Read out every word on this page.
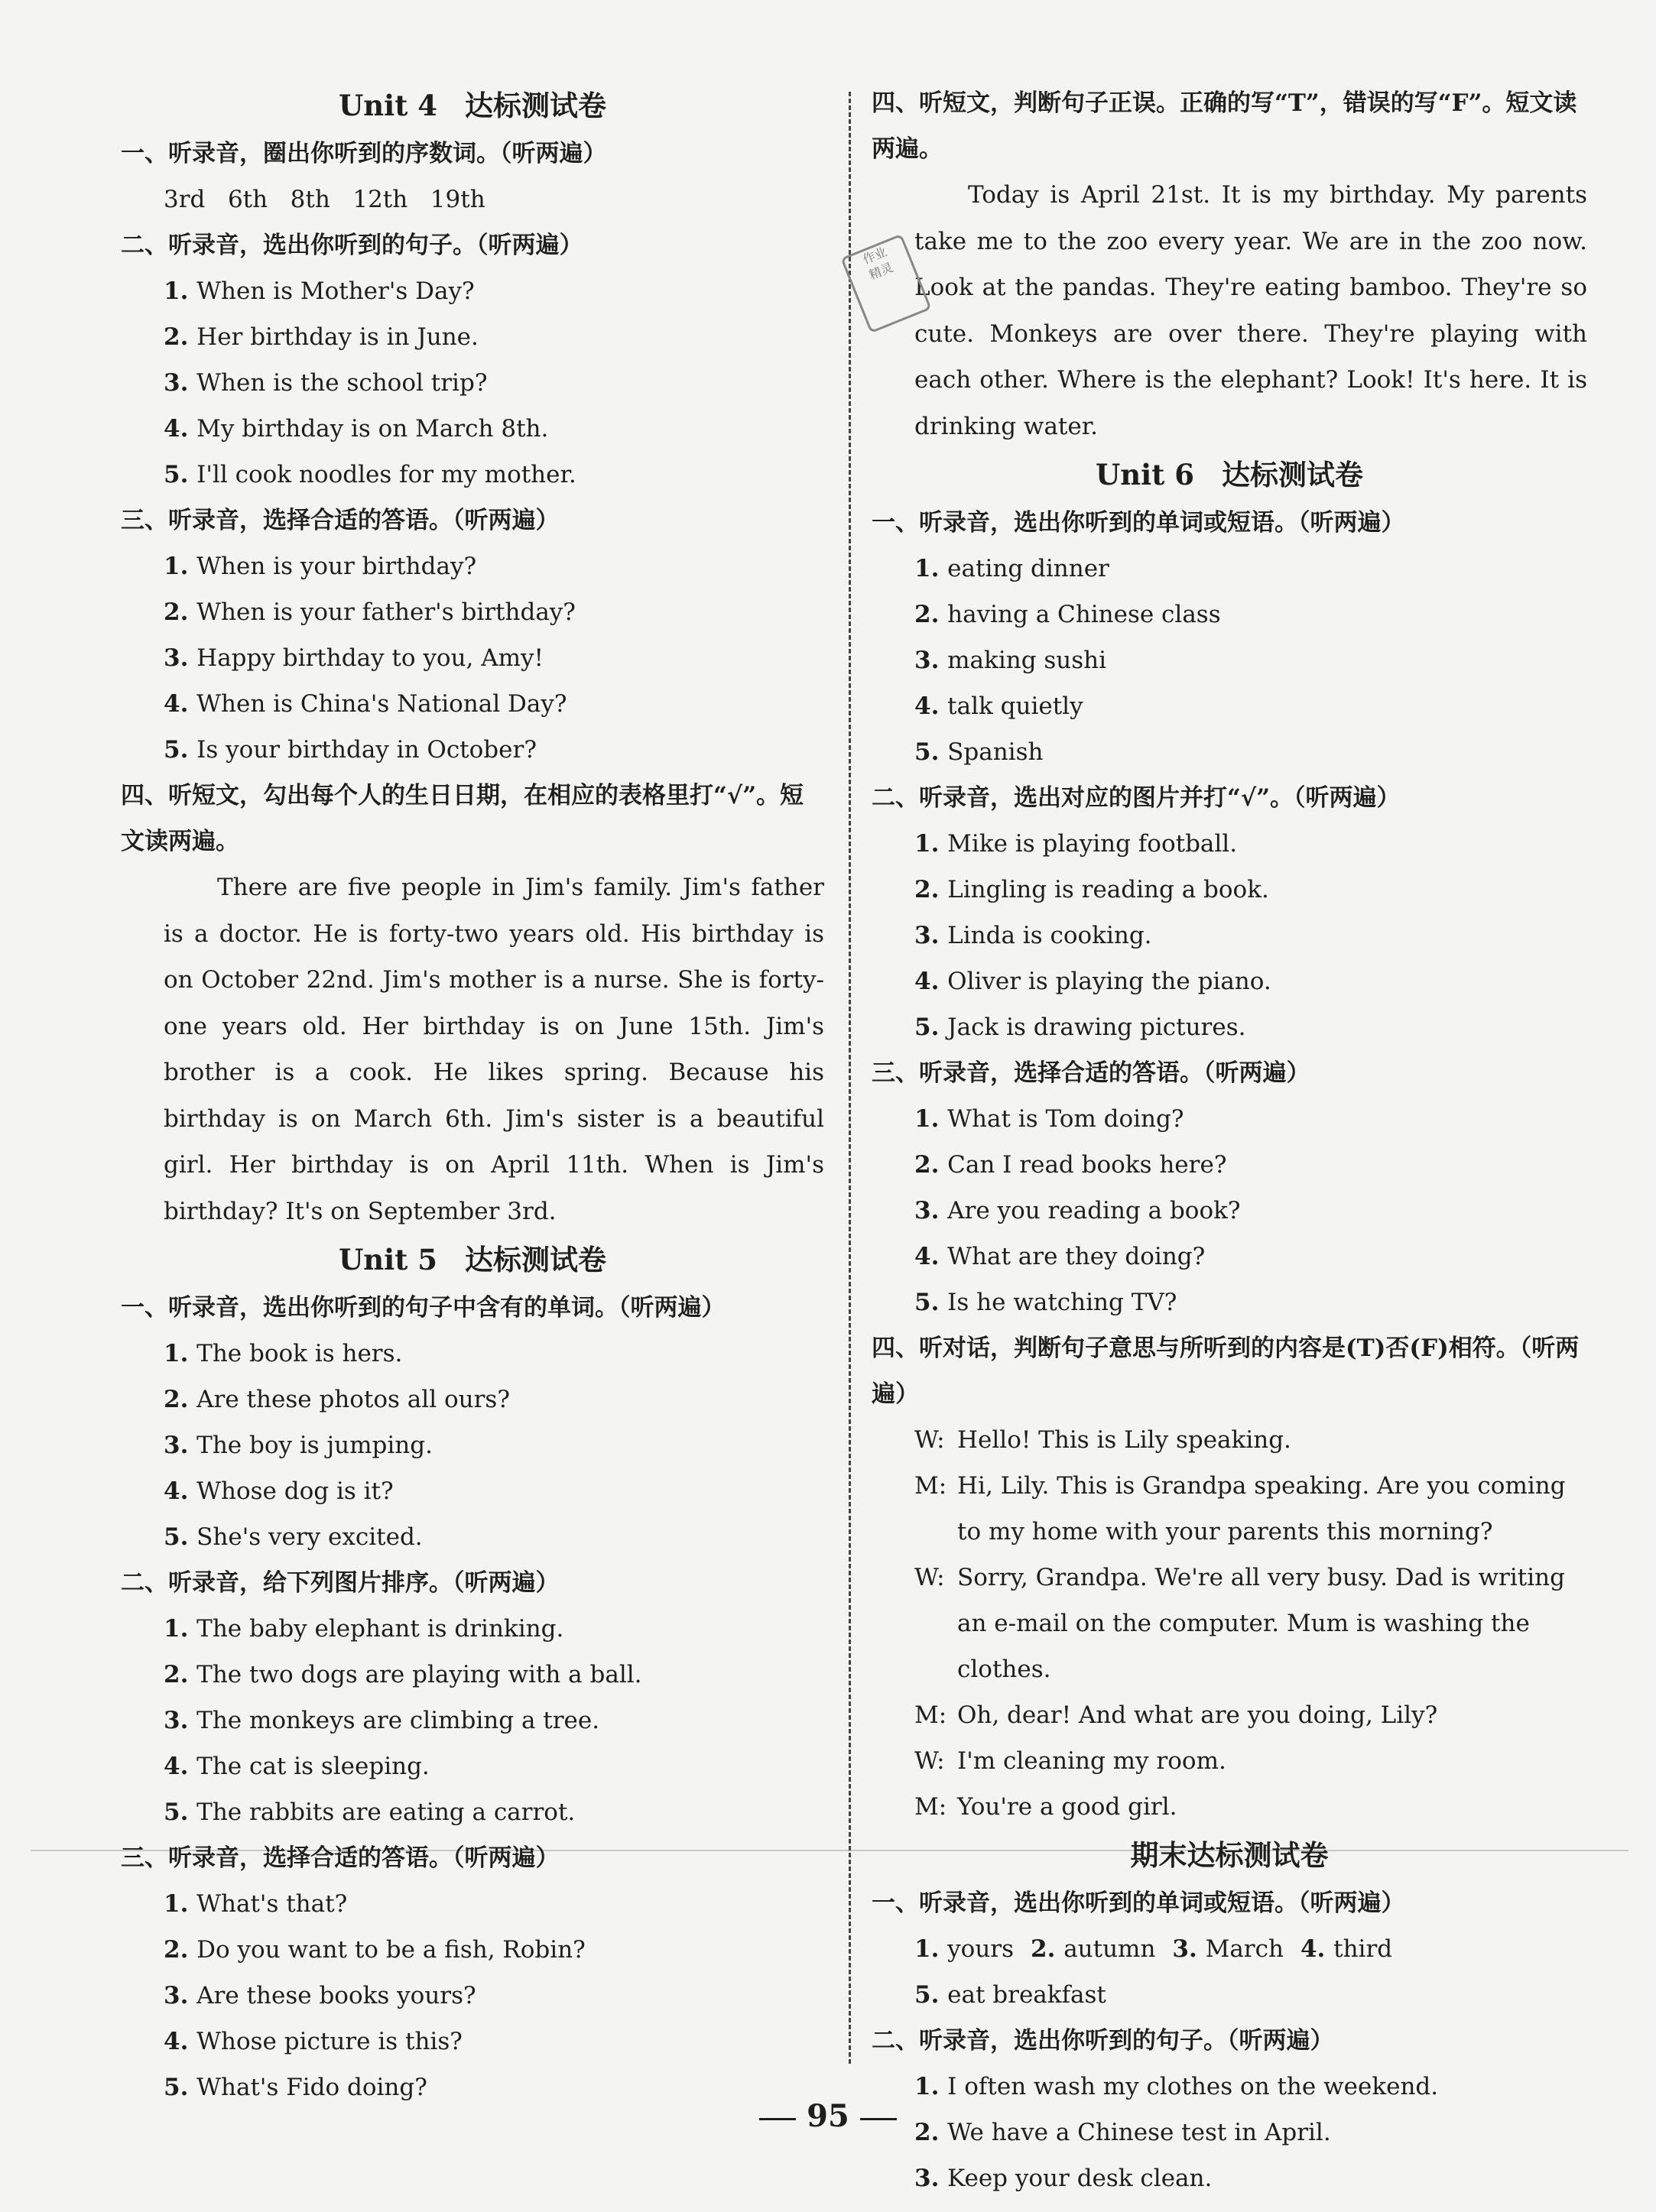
Unit 4 达标测试卷
一、听录音，圈出你听到的序数词。（听两遍）
3rd   6th   8th   12th   19th
二、听录音，选出你听到的句子。（听两遍）
1. When is Mother's Day?
2. Her birthday is in June.
3. When is the school trip?
4. My birthday is on March 8th.
5. I'll cook noodles for my mother.
三、听录音，选择合适的答语。（听两遍）
1. When is your birthday?
2. When is your father's birthday?
3. Happy birthday to you, Amy!
4. When is China's National Day?
5. Is your birthday in October?
四、听短文，勾出每个人的生日日期，在相应的表格里打“√”。短文读两遍。
There are five people in Jim's family. Jim's father is a doctor. He is forty-two years old. His birthday is on October 22nd. Jim's mother is a nurse. She is forty-one years old. Her birthday is on June 15th. Jim's brother is a cook. He likes spring. Because his birthday is on March 6th. Jim's sister is a beautiful girl. Her birthday is on April 11th. When is Jim's birthday? It's on September 3rd.
Unit 5 达标测试卷
一、听录音，选出你听到的句子中含有的单词。（听两遍）
1. The book is hers.
2. Are these photos all ours?
3. The boy is jumping.
4. Whose dog is it?
5. She's very excited.
二、听录音，给下列图片排序。（听两遍）
1. The baby elephant is drinking.
2. The two dogs are playing with a ball.
3. The monkeys are climbing a tree.
4. The cat is sleeping.
5. The rabbits are eating a carrot.
三、听录音，选择合适的答语。（听两遍）
1. What's that?
2. Do you want to be a fish, Robin?
3. Are these books yours?
4. Whose picture is this?
5. What's Fido doing?
四、听短文，判断句子正误。正确的写“T”，错误的写“F”。短文读两遍。
Today is April 21st. It is my birthday. My parents take me to the zoo every year. We are in the zoo now. Look at the pandas. They're eating bamboo. They're so cute. Monkeys are over there. They're playing with each other. Where is the elephant? Look! It's here. It is drinking water.
Unit 6 达标测试卷
一、听录音，选出你听到的单词或短语。（听两遍）
1. eating dinner
2. having a Chinese class
3. making sushi
4. talk quietly
5. Spanish
二、听录音，选出对应的图片并打“√”。（听两遍）
1. Mike is playing football.
2. Lingling is reading a book.
3. Linda is cooking.
4. Oliver is playing the piano.
5. Jack is drawing pictures.
三、听录音，选择合适的答语。（听两遍）
1. What is Tom doing?
2. Can I read books here?
3. Are you reading a book?
4. What are they doing?
5. Is he watching TV?
四、听对话，判断句子意思与所听到的内容是(T)否(F)相符。（听两遍）
W: Hello! This is Lily speaking.
M: Hi, Lily. This is Grandpa speaking. Are you coming to my home with your parents this morning?
W: Sorry, Grandpa. We're all very busy. Dad is writing an e-mail on the computer. Mum is washing the clothes.
M: Oh, dear! And what are you doing, Lily?
W: I'm cleaning my room.
M: You're a good girl.
期末达标测试卷
一、听录音，选出你听到的单词或短语。（听两遍）
1. yours 2. autumn 3. March 4. third
5. eat breakfast
二、听录音，选出你听到的句子。（听两遍）
1. I often wash my clothes on the weekend.
2. We have a Chinese test in April.
3. Keep your desk clean.
作业
精灵
95
